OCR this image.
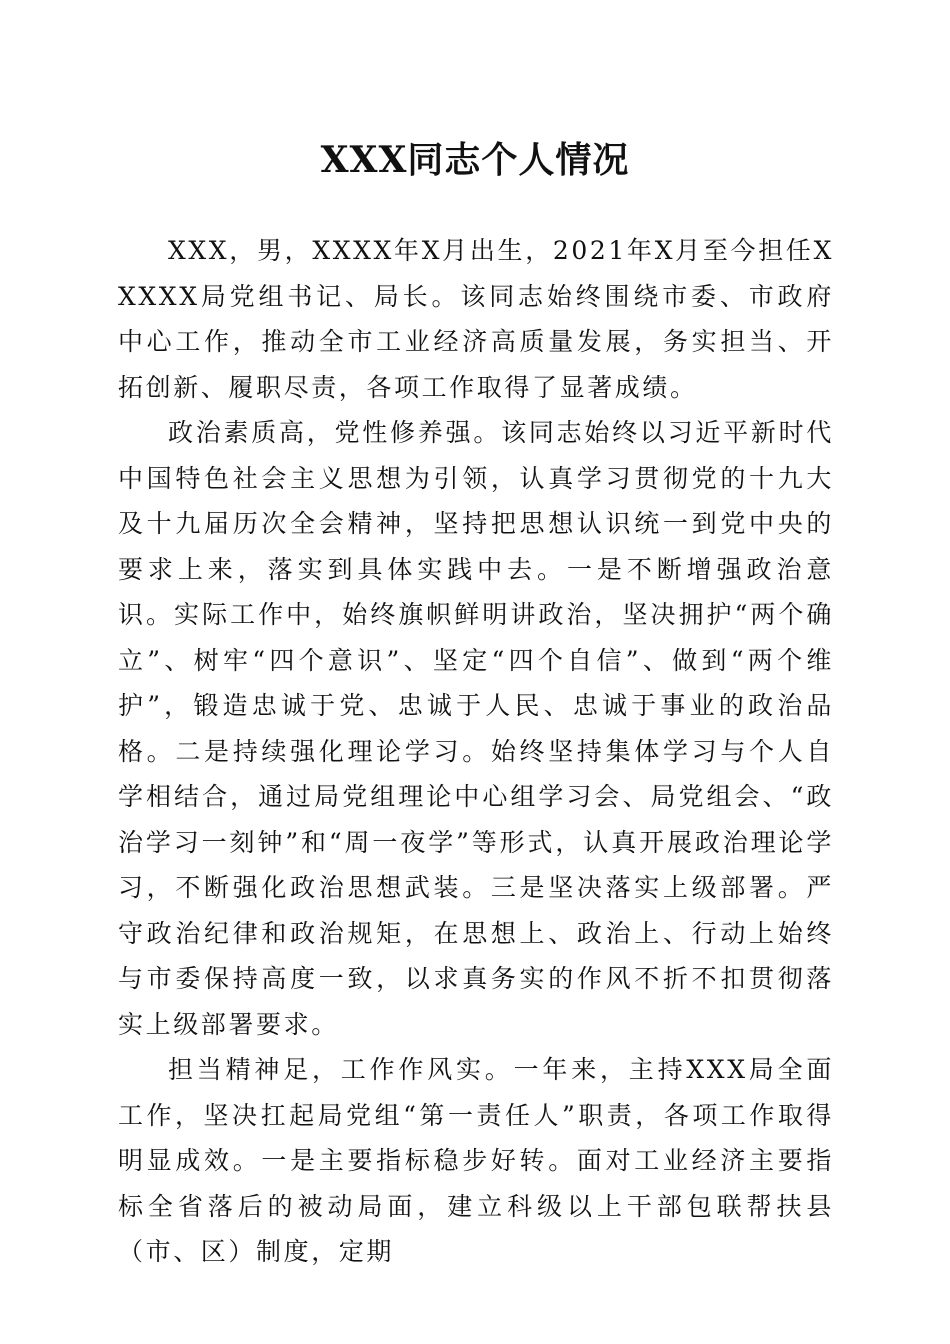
XXX同志个人情况

XXX，男，XXXX年X月出生，2021年X月至今担任XXXXX局党组书记、局长。该同志始终围绕市委、市政府中心工作，推动全市工业经济高质量发展，务实担当、开拓创新、履职尽责，各项工作取得了显著成绩。

政治素质高，党性修养强。该同志始终以习近平新时代中国特色社会主义思想为引领，认真学习贯彻党的十九大及十九届历次全会精神，坚持把思想认识统一到党中央的要求上来，落实到具体实践中去。一是不断增强政治意识。实际工作中，始终旗帜鲜明讲政治，坚决拥护“两个确立”、树牢“四个意识”、坚定“四个自信”、做到“两个维护”，锻造忠诚于党、忠诚于人民、忠诚于事业的政治品格。二是持续强化理论学习。始终坚持集体学习与个人自学相结合，通过局党组理论中心组学习会、局党组会、“政治学习一刻钟”和“周一夜学”等形式，认真开展政治理论学习，不断强化政治思想武装。三是坚决落实上级部署。严守政治纪律和政治规矩，在思想上、政治上、行动上始终与市委保持高度一致，以求真务实的作风不折不扣贯彻落实上级部署要求。

担当精神足，工作作风实。一年来，主持XXX局全面工作，坚决扛起局党组“第一责任人”职责，各项工作取得明显成效。一是主要指标稳步好转。面对工业经济主要指标全省落后的被动局面，建立科级以上干部包联帮扶县（市、区）制度，定期
